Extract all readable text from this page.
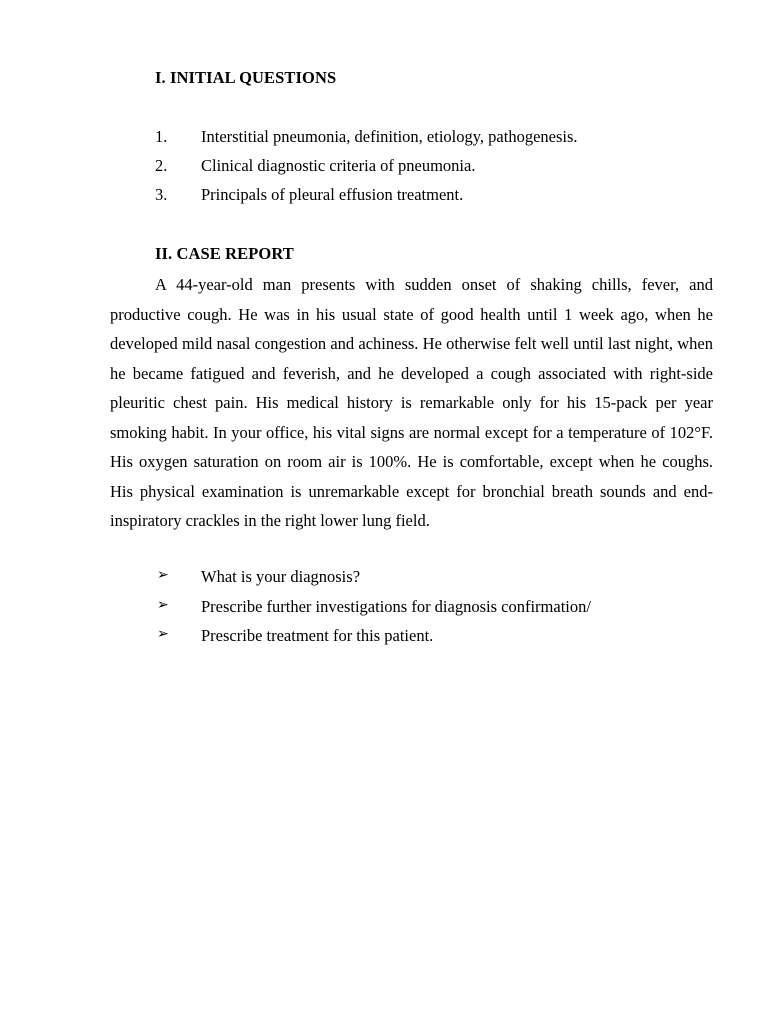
I. INITIAL QUESTIONS
1. Interstitial pneumonia, definition, etiology, pathogenesis.
2. Clinical diagnostic criteria of pneumonia.
3. Principals of pleural effusion treatment.
II. CASE REPORT

A 44-year-old man presents with sudden onset of shaking chills, fever, and productive cough. He was in his usual state of good health until 1 week ago, when he developed mild nasal congestion and achiness. He otherwise felt well until last night, when he became fatigued and feverish, and he developed a cough associated with right-side pleuritic chest pain. His medical history is remarkable only for his 15-pack per year smoking habit. In your office, his vital signs are normal except for a temperature of 102°F. His oxygen saturation on room air is 100%. He is comfortable, except when he coughs. His physical examination is unremarkable except for bronchial breath sounds and end-inspiratory crackles in the right lower lung field.

➢ What is your diagnosis?
➢ Prescribe further investigations for diagnosis confirmation/
➢ Prescribe treatment for this patient.
